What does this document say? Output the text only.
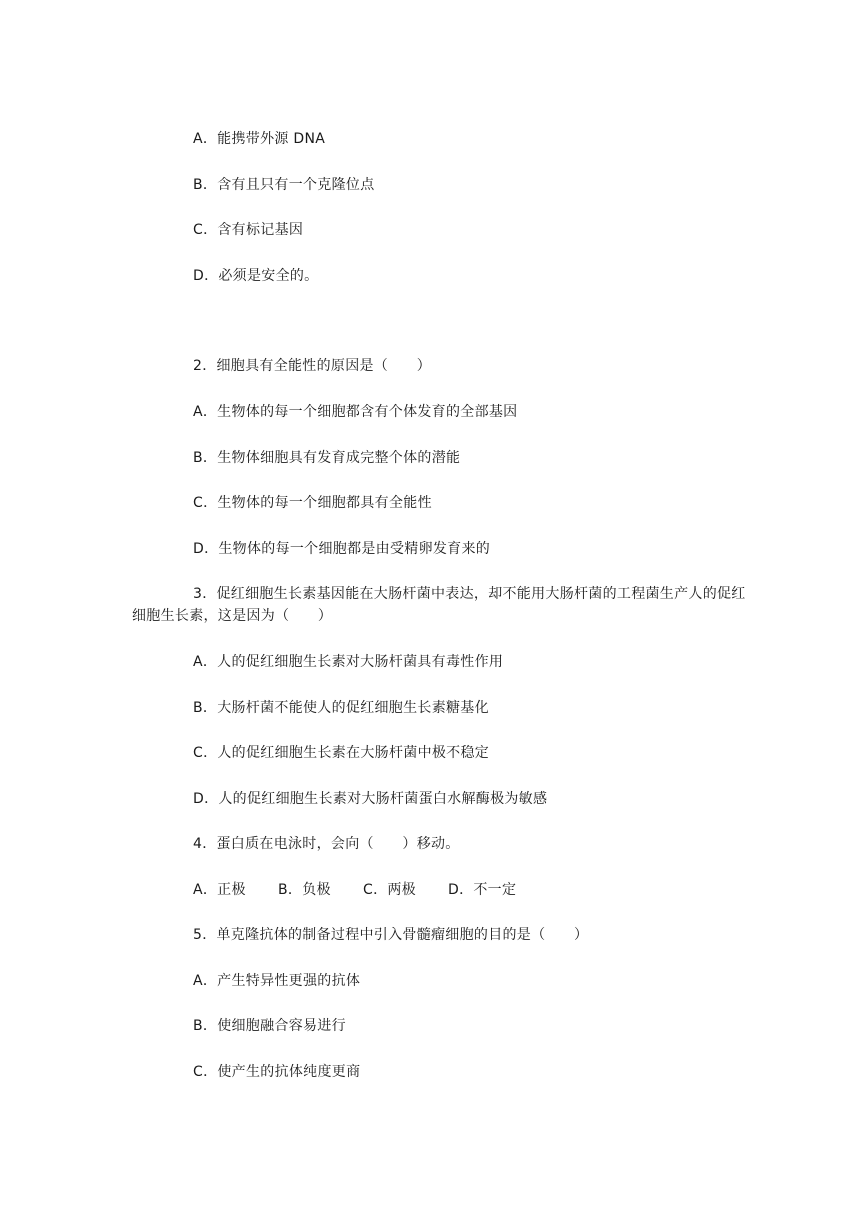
A．能携带外源 DNA
B．含有且只有一个克隆位点
C．含有标记基因
D．必须是安全的。
2．细胞具有全能性的原因是（　　）
A．生物体的每一个细胞都含有个体发育的全部基因
B．生物体细胞具有发育成完整个体的潜能
C．生物体的每一个细胞都具有全能性
D．生物体的每一个细胞都是由受精卵发育来的
3．促红细胞生长素基因能在大肠杆菌中表达，却不能用大肠杆菌的工程菌生产人的促红细胞生长素，这是因为（　　）
A．人的促红细胞生长素对大肠杆菌具有毒性作用
B．大肠杆菌不能使人的促红细胞生长素糖基化
C．人的促红细胞生长素在大肠杆菌中极不稳定
D．人的促红细胞生长素对大肠杆菌蛋白水解酶极为敏感
4．蛋白质在电泳时，会向（　　）移动。
A．正极 B．负极 C．两极 D．不一定
5．单克隆抗体的制备过程中引入骨髓瘤细胞的目的是（　　）
A．产生特异性更强的抗体
B．使细胞融合容易进行
C．使产生的抗体纯度更商
